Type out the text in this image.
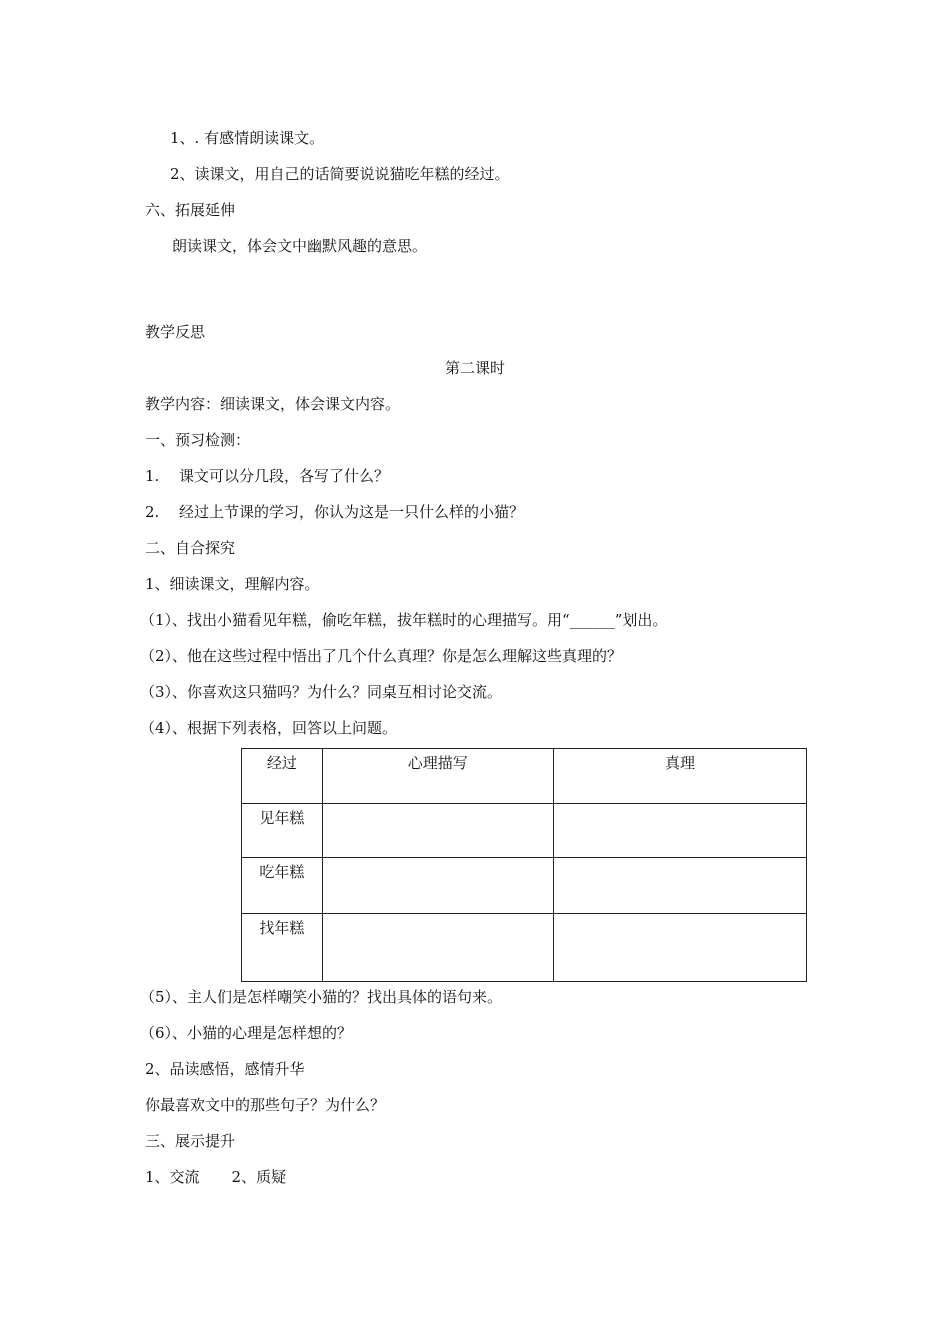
1、. 有感情朗读课文。
2、读课文，用自己的话简要说说猫吃年糕的经过。
六、拓展延伸
朗读课文，体会文中幽默风趣的意思。
教学反思
第二课时
教学内容：细读课文，体会课文内容。
一、预习检测：
1. 课文可以分几段，各写了什么？
2. 经过上节课的学习，你认为这是一只什么样的小猫？
二、自合探究
1、细读课文，理解内容。
（1）、找出小猫看见年糕，偷吃年糕，拔年糕时的心理描写。用“______”划出。
（2）、他在这些过程中悟出了几个什么真理？你是怎么理解这些真理的？
（3）、你喜欢这只猫吗？为什么？同桌互相讨论交流。
（4）、根据下列表格，回答以上问题。
经过	心理描写	真理
见年糕		
吃年糕		
找年糕		
（5）、主人们是怎样嘲笑小猫的？找出具体的语句来。
（6）、小猫的心理是怎样想的？
2、品读感悟，感情升华
你最喜欢文中的那些句子？为什么？
三、展示提升
1、交流 2、质疑
